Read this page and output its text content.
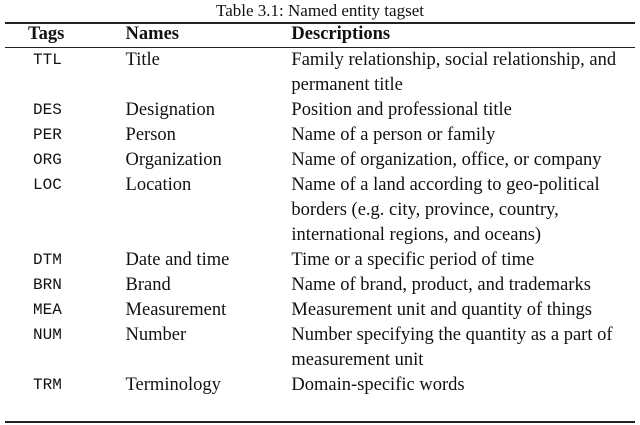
Table 3.1: Named entity tagset
Tags	Names	Descriptions
TTL	Title	Family relationship, social relationship, and permanent title
DES	Designation	Position and professional title
PER	Person	Name of a person or family
ORG	Organization	Name of organization, office, or company
LOC	Location	Name of a land according to geo-political borders (e.g. city, province, country, international regions, and oceans)
DTM	Date and time	Time or a specific period of time
BRN	Brand	Name of brand, product, and trademarks
MEA	Measurement	Measurement unit and quantity of things
NUM	Number	Number specifying the quantity as a part of measurement unit
TRM	Terminology	Domain-specific words
